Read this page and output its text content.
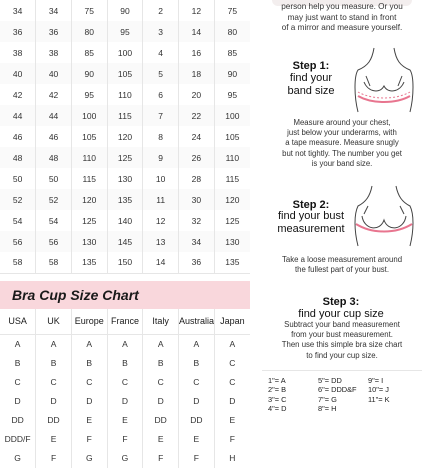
34	34	75	90	2	12	75
36	36	80	95	3	14	80
38	38	85	100	4	16	85
40	40	90	105	5	18	90
42	42	95	110	6	20	95
44	44	100	115	7	22	100
46	46	105	120	8	24	105
48	48	110	125	9	26	110
50	50	115	130	10	28	115
52	52	120	135	11	30	120
54	54	125	140	12	32	125
56	56	130	145	13	34	130
58	58	135	150	14	36	135
Bra Cup Size Chart
USA	UK	Europe	France	Italy	Australia	Japan
A	A	A	A	A	A	A
B	B	B	B	B	B	C
C	C	C	C	C	C	C
D	D	D	D	D	D	D
DD	DD	E	E	DD	DD	E
DDD/F	E	F	F	E	E	F
G	F	G	G	F	F	H
person help you measure. Or you
may just want to stand in front
of a mirror and measure yourself.
Step 1:
find your
band size
Measure around your chest,
just below your underarms, with
a tape measure. Measure snugly
but not tightly. The number you get
is your band size.
Step 2:
find your bust
measurement
Take a loose measurement around
the fullest part of your bust.
Step 3:
find your cup size
Subtract your band measurement
from your bust measurement.
Then use this simple bra size chart
to find your cup size.
1"= A
2"= B
3"= C
4"= D
5"= DD
6"= DDD&F
7"= G
8"= H
9"= I
10"= J
11"= K
